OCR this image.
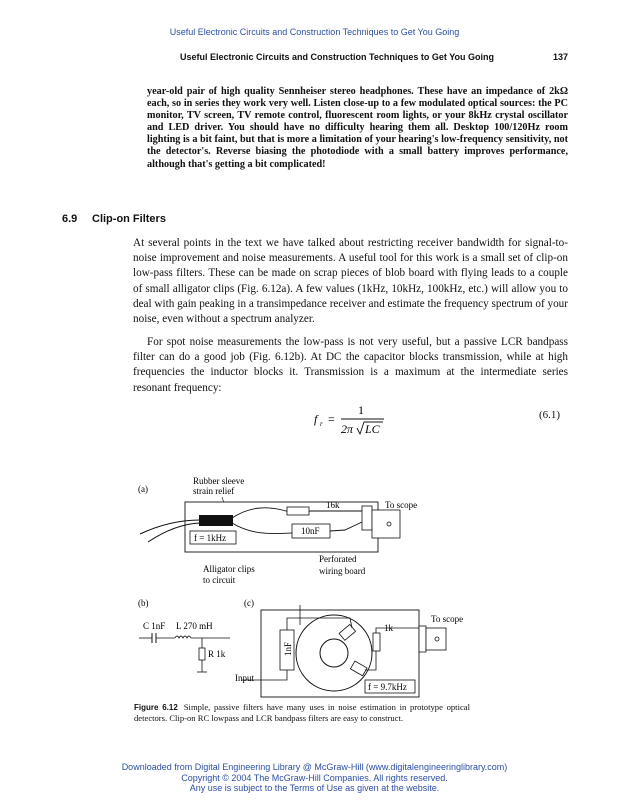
Useful Electronic Circuits and Construction Techniques to Get You Going
Useful Electronic Circuits and Construction Techniques to Get You Going	137
year-old pair of high quality Sennheiser stereo headphones. These have an impedance of 2kΩ each, so in series they work very well. Listen close-up to a few modulated optical sources: the PC monitor, TV screen, TV remote control, fluorescent room lights, or your 8kHz crystal oscillator and LED driver. You should have no difficulty hearing them all. Desktop 100/120Hz room lighting is a bit faint, but that is more a limitation of your hearing's low-frequency sensitivity, not the detector's. Reverse biasing the photodiode with a small battery improves performance, although that's getting a bit complicated!
6.9 Clip-on Filters
At several points in the text we have talked about restricting receiver bandwidth for signal-to-noise improvement and noise measurements. A useful tool for this work is a small set of clip-on low-pass filters. These can be made on scrap pieces of blob board with flying leads to a couple of small alligator clips (Fig. 6.12a). A few values (1kHz, 10kHz, 100kHz, etc.) will allow you to deal with gain peaking in a transimpedance receiver and estimate the frequency spectrum of your noise, even without a spectrum analyzer.
For spot noise measurements the low-pass is not very useful, but a passive LCR bandpass filter can do a good job (Fig. 6.12b). At DC the capacitor blocks transmission, while at high frequencies the inductor blocks it. Transmission is a maximum at the intermediate series resonant frequency:
f r =
1
2π LC
(6.1)
(a)
Rubber sleeve
strain relief
16k
10nF
f = 1kHz
To scope
Perforated
wiring board
Alligator clips
to circuit
(b)
C 1nF L 270 mH
R 1k
(c)
1nF
Input
1k
To scope
f = 9.7kHz
Figure 6.12 Simple, passive filters have many uses in noise estimation in prototype optical detectors. Clip-on RC lowpass and LCR bandpass filters are easy to construct.
Downloaded from Digital Engineering Library @ McGraw-Hill (www.digitalengineeringlibrary.com)
Copyright © 2004 The McGraw-Hill Companies. All rights reserved.
Any use is subject to the Terms of Use as given at the website.
